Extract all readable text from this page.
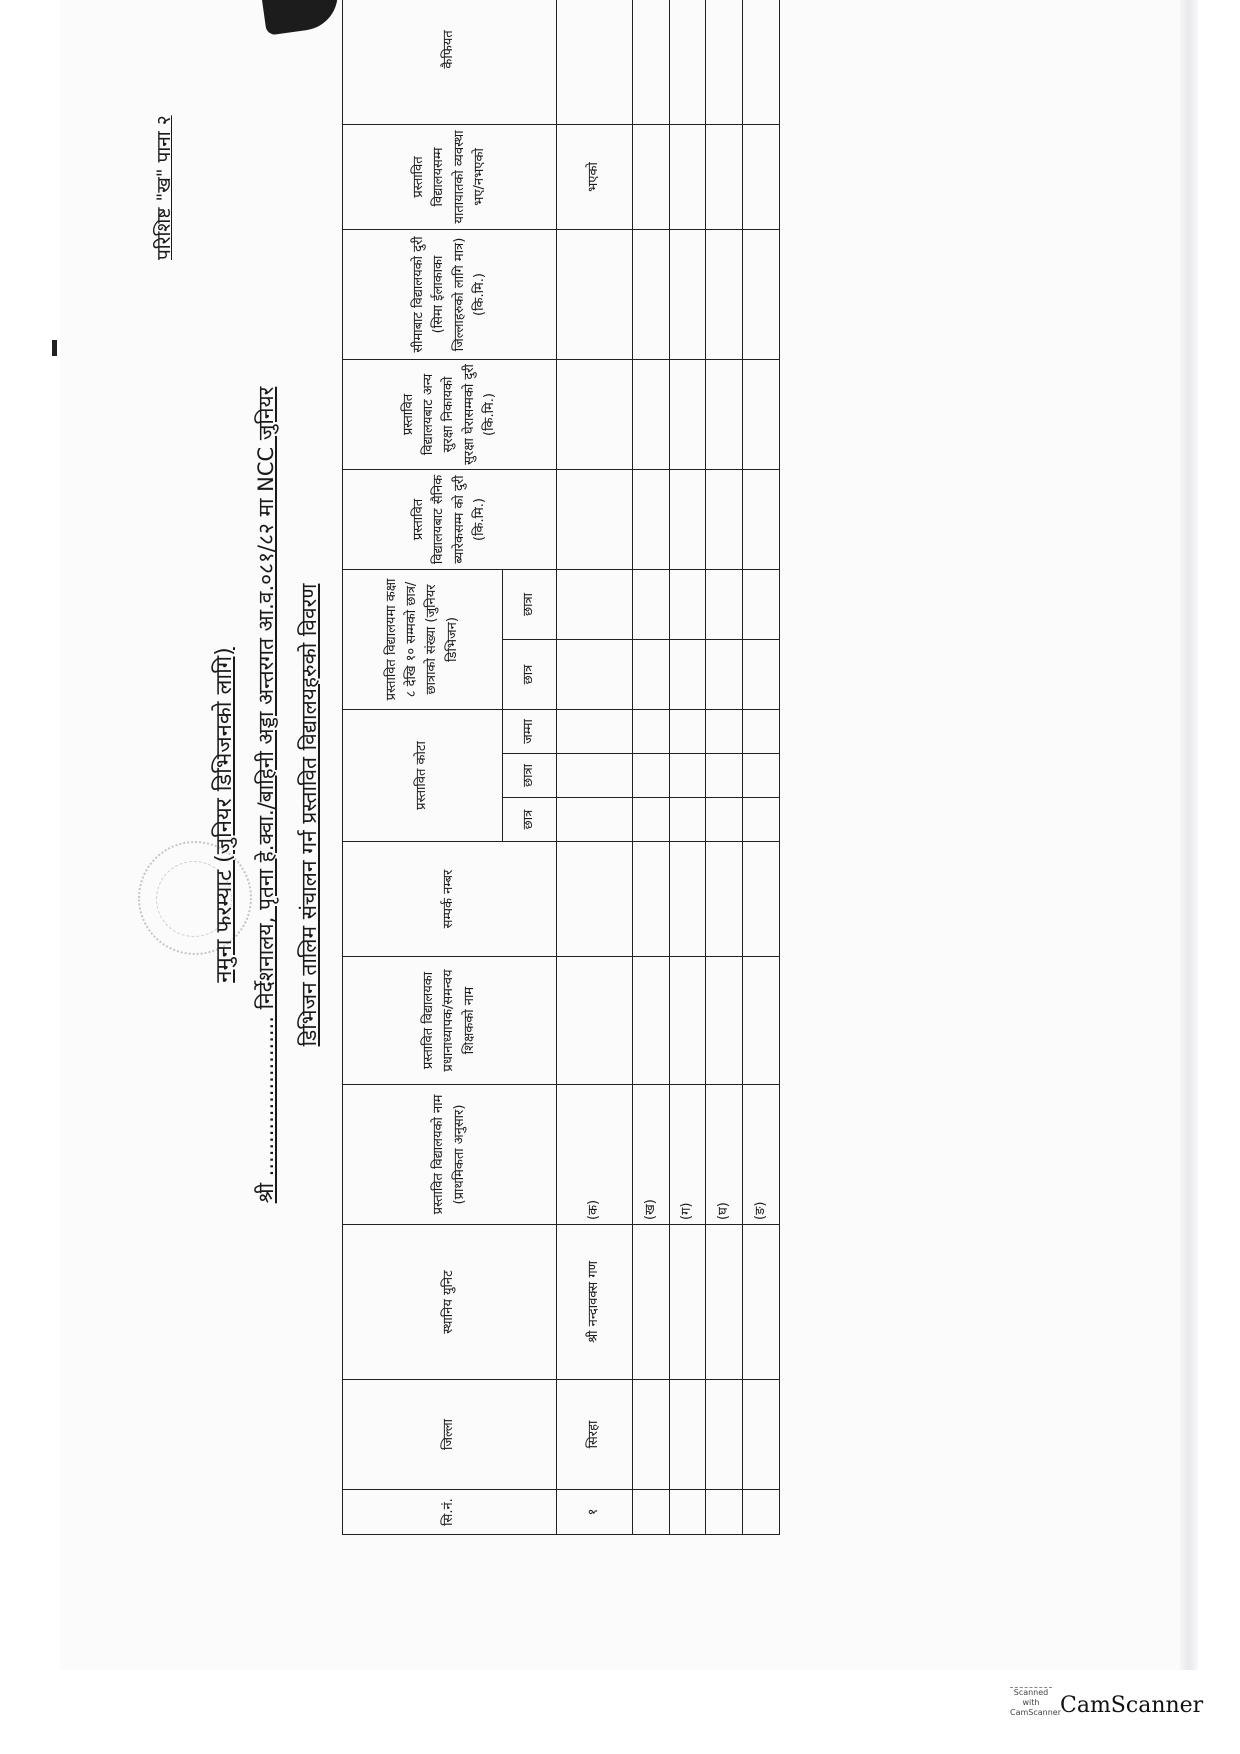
परिशिष्ट "ख" पाना २
नमुना फरम्याट (जुनियर डिभिजनको लागि) श्री ........................ निर्देशनालय, पृतना हे.क्वा./बाहिनी अड्डा अन्तरगत आ.व.०८१/८२ मा NCC जुनियर डिभिजन तालिम संचालन गर्न प्रस्तावित विद्यालयहरुको विवरण
सि.नं.	जिल्ला	स्थानिय युनिट	प्रस्तावित विद्यालयको नाम (प्राथमिकता अनुसार)	प्रस्तावित विद्यालयका प्रधानाध्यापक/समन्वय शिक्षकको नाम	सम्पर्क नम्बर	प्रस्तावित कोटा			प्रस्तावित विद्यालयमा कक्षा ८ देखि १० सम्मको छात्र/छात्राको संख्या (जुनियर डिभिजन)		प्रस्तावित विद्यालयबाट सैनिक ब्यारेकसम्म को दुरी (कि.मि.)	प्रस्तावित विद्यालयबाट अन्य सुरक्षा निकायको सुरक्षा घेरासम्मको दुरी (कि.मि.)	सीमाबाट विद्यालयको दुरी (सिमा ईलाकाका जिल्लाहरुको लागि मात्र) (कि.मि.)	प्रस्तावित विद्यालयसम्म यातायातको व्यवस्था भए/नभएको	कैफियत
						छात्र	छात्रा	जम्मा	छात्र	छात्रा					
१	सिरहा	श्री नन्दावक्स गण	(क)											भएको	
			(ख)												
			(ग)												
			(घ)												
			(ङ)												
Scanned with CamScanner
CamScanner
